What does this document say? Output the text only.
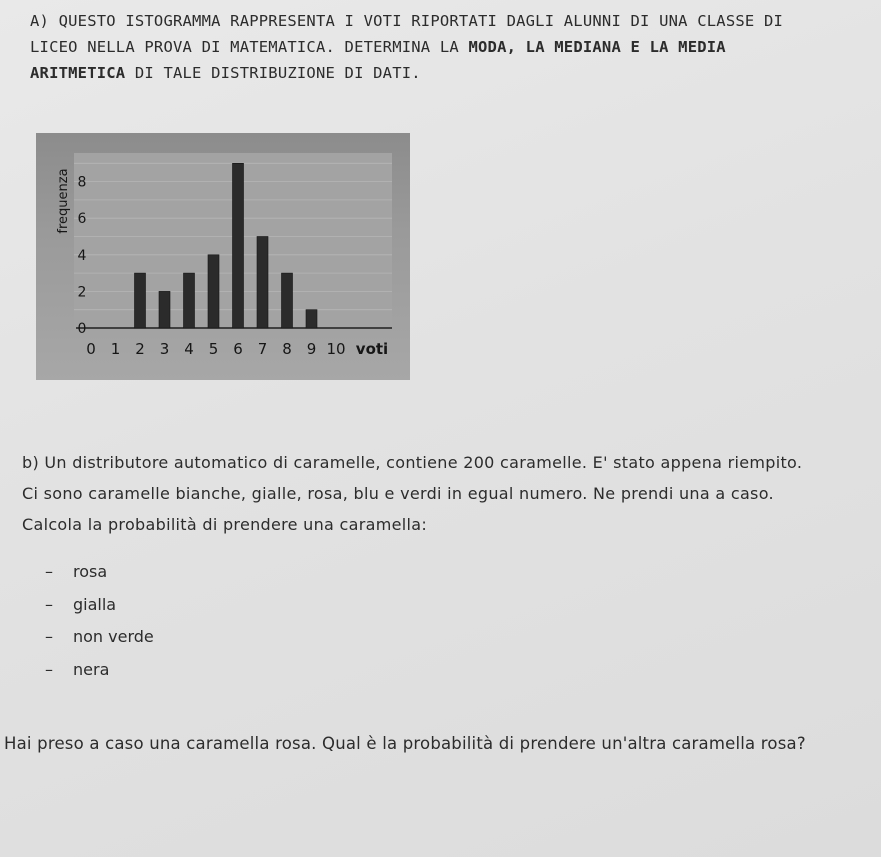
A) QUESTO ISTOGRAMMA RAPPRESENTA I VOTI RIPORTATI DAGLI ALUNNI DI UNA CLASSE DI
LICEO NELLA PROVA DI MATEMATICA. DETERMINA LA MODA, LA MEDIANA E LA MEDIA
ARITMETICA DI TALE DISTRIBUZIONE DI DATI.
0
2
4
6
8
0 1 2 3 4 5 6 7 8 9 10 voti
frequenza
b) Un distributore automatico di caramelle, contiene 200 caramelle. E' stato appena riempito.
Ci sono caramelle bianche, gialle, rosa, blu e verdi in egual numero. Ne prendi una a caso.
Calcola la probabilità di prendere una caramella:
– rosa
– gialla
– non verde
– nera
Hai preso a caso una caramella rosa. Qual è la probabilità di prendere un'altra caramella rosa?
